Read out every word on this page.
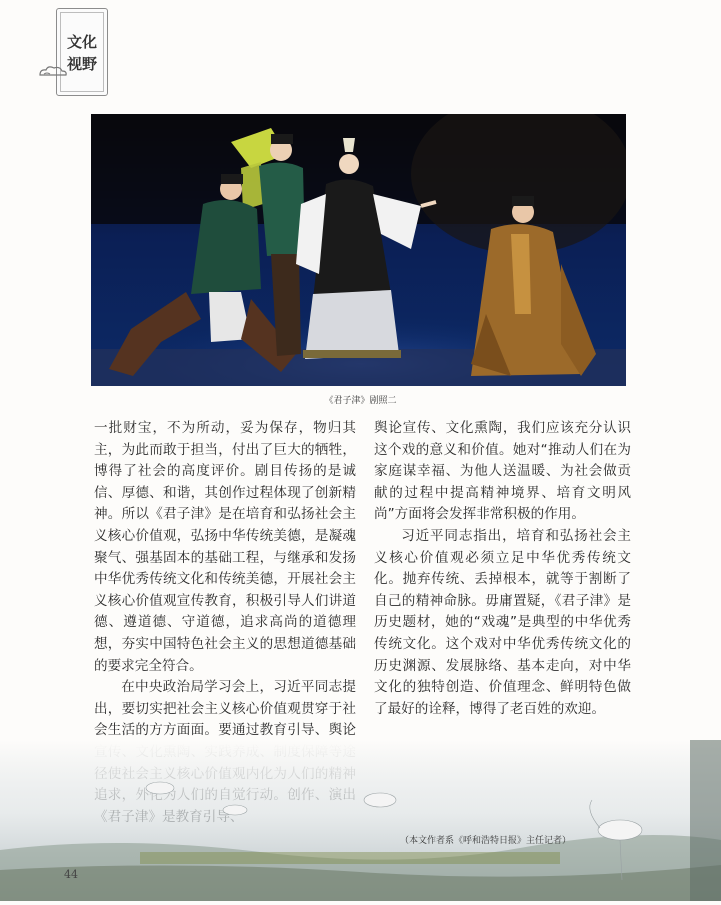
文化
视野
《君子津》剧照二

一批财宝，不为所动，妥为保存，物归其主，为此而敢于担当，付出了巨大的牺牲，博得了社会的高度评价。剧目传扬的是诚信、厚德、和谐，其创作过程体现了创新精神。所以《君子津》是在培育和弘扬社会主义核心价值观，弘扬中华传统美德，是凝魂聚气、强基固本的基础工程，与继承和发扬中华优秀传统文化和传统美德，开展社会主义核心价值观宣传教育，积极引导人们讲道德、遵道德、守道德，追求高尚的道德理想，夯实中国特色社会主义的思想道德基础的要求完全符合。

在中央政治局学习会上，习近平同志提出，要切实把社会主义核心价值观贯穿于社会生活的方方面面。要通过教育引导、舆论

舆论宣传、文化熏陶，我们应该充分认识这个戏的意义和价值。她对“推动人们在为家庭谋幸福、为他人送温暖、为社会做贡献的过程中提高精神境界、培育文明风尚”方面将会发挥非常积极的作用。

习近平同志指出，培育和弘扬社会主义核心价值观必须立足中华优秀传统文化。抛弃传统、丢掉根本，就等于割断了自己的精神命脉。毋庸置疑，《君子津》是历史题材，她的“戏魂”是典型的中华优秀传统文化。这个戏对中华优秀传统文化的历史渊源、发展脉络、基本走向，对中华文化的独特创造、价值理念、鲜明特色做了最好的诠释，博得了老百姓的欢迎。

（本文作者系《呼和浩特日报》主任记者）
44
